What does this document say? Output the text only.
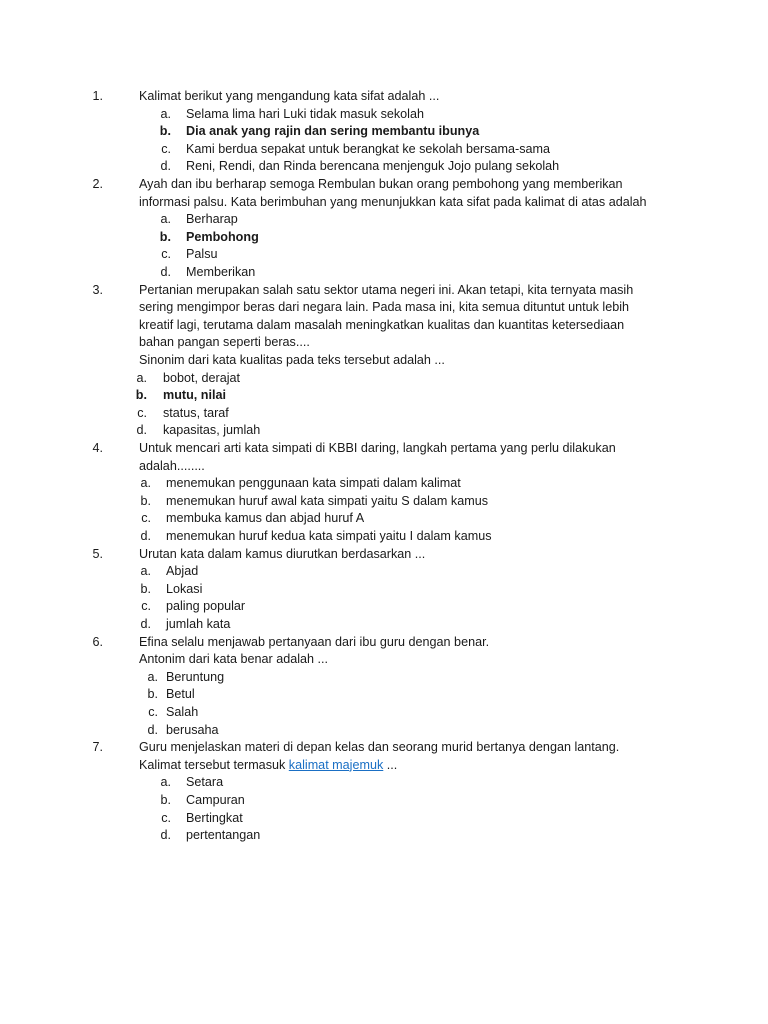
1.	Kalimat berikut yang mengandung kata sifat adalah ...
a. Selama lima hari Luki tidak masuk sekolah
b. Dia anak yang rajin dan sering membantu ibunya
c. Kami berdua sepakat untuk berangkat ke sekolah bersama-sama
d. Reni, Rendi, dan Rinda berencana menjenguk Jojo pulang sekolah
2.	Ayah dan ibu berharap semoga Rembulan bukan orang pembohong yang memberikan
informasi palsu. Kata berimbuhan yang menunjukkan kata sifat pada kalimat di atas adalah
a. Berharap
b. Pembohong
c. Palsu
d. Memberikan
3.	Pertanian merupakan salah satu sektor utama negeri ini. Akan tetapi, kita ternyata masih
sering mengimpor beras dari negara lain. Pada masa ini, kita semua dituntut untuk lebih
kreatif lagi, terutama dalam masalah meningkatkan kualitas dan kuantitas ketersediaan
bahan pangan seperti beras....
Sinonim dari kata kualitas pada teks tersebut adalah ...
a. bobot, derajat
b. mutu, nilai
c. status, taraf
d. kapasitas, jumlah
4.	Untuk mencari arti kata simpati di KBBI daring, langkah pertama yang perlu dilakukan
adalah........
a. menemukan penggunaan kata simpati dalam kalimat
b. menemukan huruf awal kata simpati yaitu S dalam kamus
c. membuka kamus dan abjad huruf A
d. menemukan huruf kedua kata simpati yaitu I dalam kamus
5.	Urutan kata dalam kamus diurutkan berdasarkan ...
a. Abjad
b. Lokasi
c. paling popular
d. jumlah kata
6.	Efina selalu menjawab pertanyaan dari ibu guru dengan benar.
Antonim dari kata benar adalah ...
a. Beruntung
b. Betul
c. Salah
d. berusaha
7.	Guru menjelaskan materi di depan kelas dan seorang murid bertanya dengan lantang.
Kalimat tersebut termasuk kalimat majemuk ...
a. Setara
b. Campuran
c. Bertingkat
d. pertentangan
